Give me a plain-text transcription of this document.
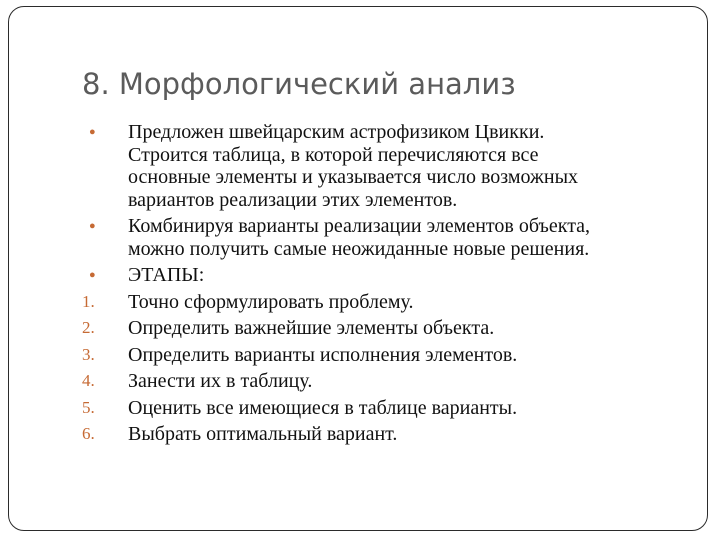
8. Морфологический анализ
● Предложен швейцарским астрофизиком Цвикки.
Строится таблица, в которой перечисляются все
основные элементы и указывается число возможных
вариантов реализации этих элементов.
● Комбинируя варианты реализации элементов объекта,
можно получить самые неожиданные новые решения.
● ЭТАПЫ:
1. Точно сформулировать проблему.
2. Определить важнейшие элементы объекта.
3. Определить варианты исполнения элементов.
4. Занести их в таблицу.
5. Оценить все имеющиеся в таблице варианты.
6. Выбрать оптимальный вариант.
